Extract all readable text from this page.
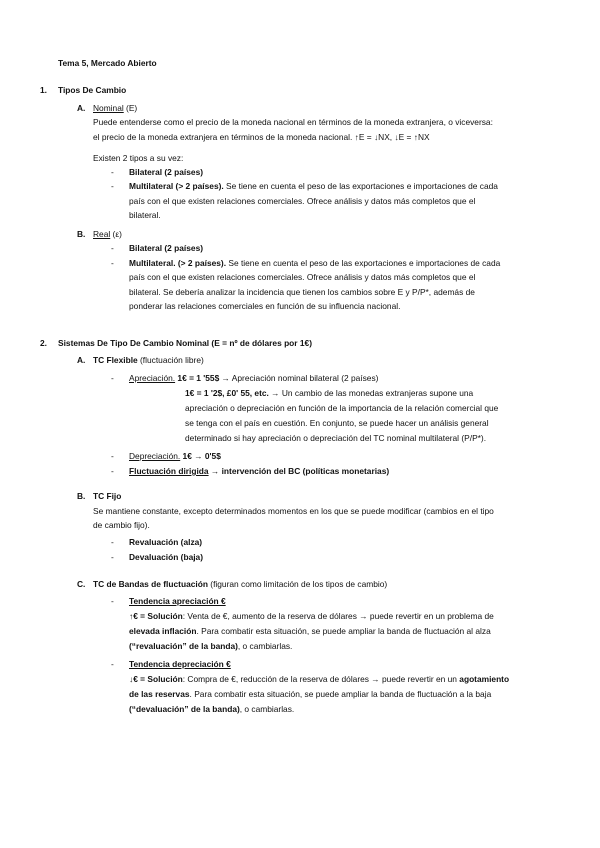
Tema 5, Mercado Abierto
1. Tipos De Cambio
A. Nominal (E)
Puede entenderse como el precio de la moneda nacional en términos de la moneda extranjera, o viceversa:
el precio de la moneda extranjera en términos de la moneda nacional. ↑E = ↓NX, ↓E = ↑NX
Existen 2 tipos a su vez:
- Bilateral (2 países)
- Multilateral (> 2 países). Se tiene en cuenta el peso de las exportaciones e importaciones de cada
país con el que existen relaciones comerciales. Ofrece análisis y datos más completos que el
bilateral.
B. Real (ε)
- Bilateral (2 países)
- Multilateral. (> 2 países). Se tiene en cuenta el peso de las exportaciones e importaciones de cada
país con el que existen relaciones comerciales. Ofrece análisis y datos más completos que el
bilateral. Se debería analizar la incidencia que tienen los cambios sobre E y P/P*, además de
ponderar las relaciones comerciales en función de su influencia nacional.
2. Sistemas De Tipo De Cambio Nominal (E = nº de dólares por 1€)
A. TC Flexible (fluctuación libre)
- Apreciación. 1€ = 1 '55$ → Apreciación nominal bilateral (2 países)
1€ = 1 '2$, £0' 55, etc. → Un cambio de las monedas extranjeras supone una
apreciación o depreciación en función de la importancia de la relación comercial que
se tenga con el país en cuestión. En conjunto, se puede hacer un análisis general
determinado si hay apreciación o depreciación del TC nominal multilateral (P/P*).
- Depreciación. 1€ → 0'5$
- Fluctuación dirigida → intervención del BC (políticas monetarias)
B. TC Fijo
Se mantiene constante, excepto determinados momentos en los que se puede modificar (cambios en el tipo
de cambio fijo).
- Revaluación (alza)
- Devaluación (baja)
C. TC de Bandas de fluctuación (figuran como limitación de los tipos de cambio)
- Tendencia apreciación €
↑€ = Solución: Venta de €, aumento de la reserva de dólares → puede revertir en un problema de
elevada inflación. Para combatir esta situación, se puede ampliar la banda de fluctuación al alza
(“revaluación” de la banda), o cambiarlas.
- Tendencia depreciación €
↓€ = Solución: Compra de €, reducción de la reserva de dólares → puede revertir en un agotamiento
de las reservas. Para combatir esta situación, se puede ampliar la banda de fluctuación a la baja
(“devaluación” de la banda), o cambiarlas.
